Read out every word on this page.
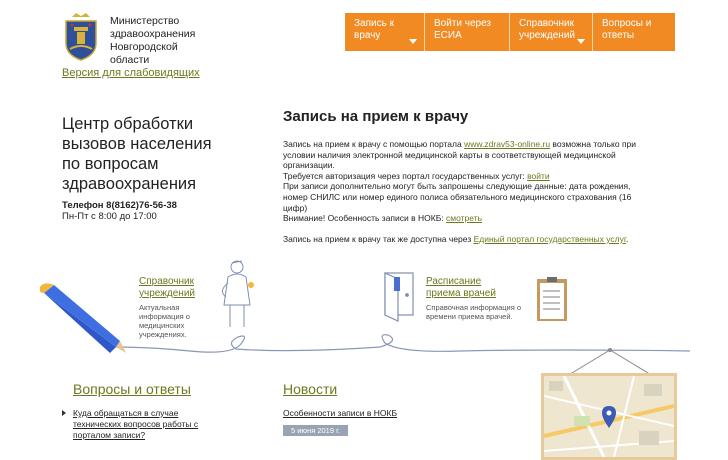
Министерство
здравоохранения
Новгородской
области
Версия для слабовидящих
Запись к
врачу
Войти через
ЕСИА
Справочник
учреждений
Вопросы и
ответы
Центр обработки
вызовов населения
по вопросам
здравоохранения
Телефон 8(8162)76-56-38
Пн-Пт с 8:00 до 17:00
Запись на прием к врачу

Запись на прием к врачу с помощью портала www.zdrav53-online.ru возможна только при условии наличия электронной медицинской карты в соответствующей медицинской организации.

Требуется авторизация через портал государственных услуг: войти

При записи дополнительно могут быть запрошены следующие данные: дата рождения, номер СНИЛС или номер единого полиса обязательного медицинского страхования (16 цифр)

Внимание! Особенность записи в НОКБ: смотреть

Запись на прием к врачу так же доступна через Единый портал государственных услуг.

Справочник
учреждений
Актуальная информация о медицинских учреждениях.
Расписание
приема врачей
Справочная информация о времени приема врачей.
Вопросы и ответы
Куда обращаться в случае технических вопросов работы с порталом записи?
Новости
Особенности записи в НОКБ
5 июня 2019 г.
